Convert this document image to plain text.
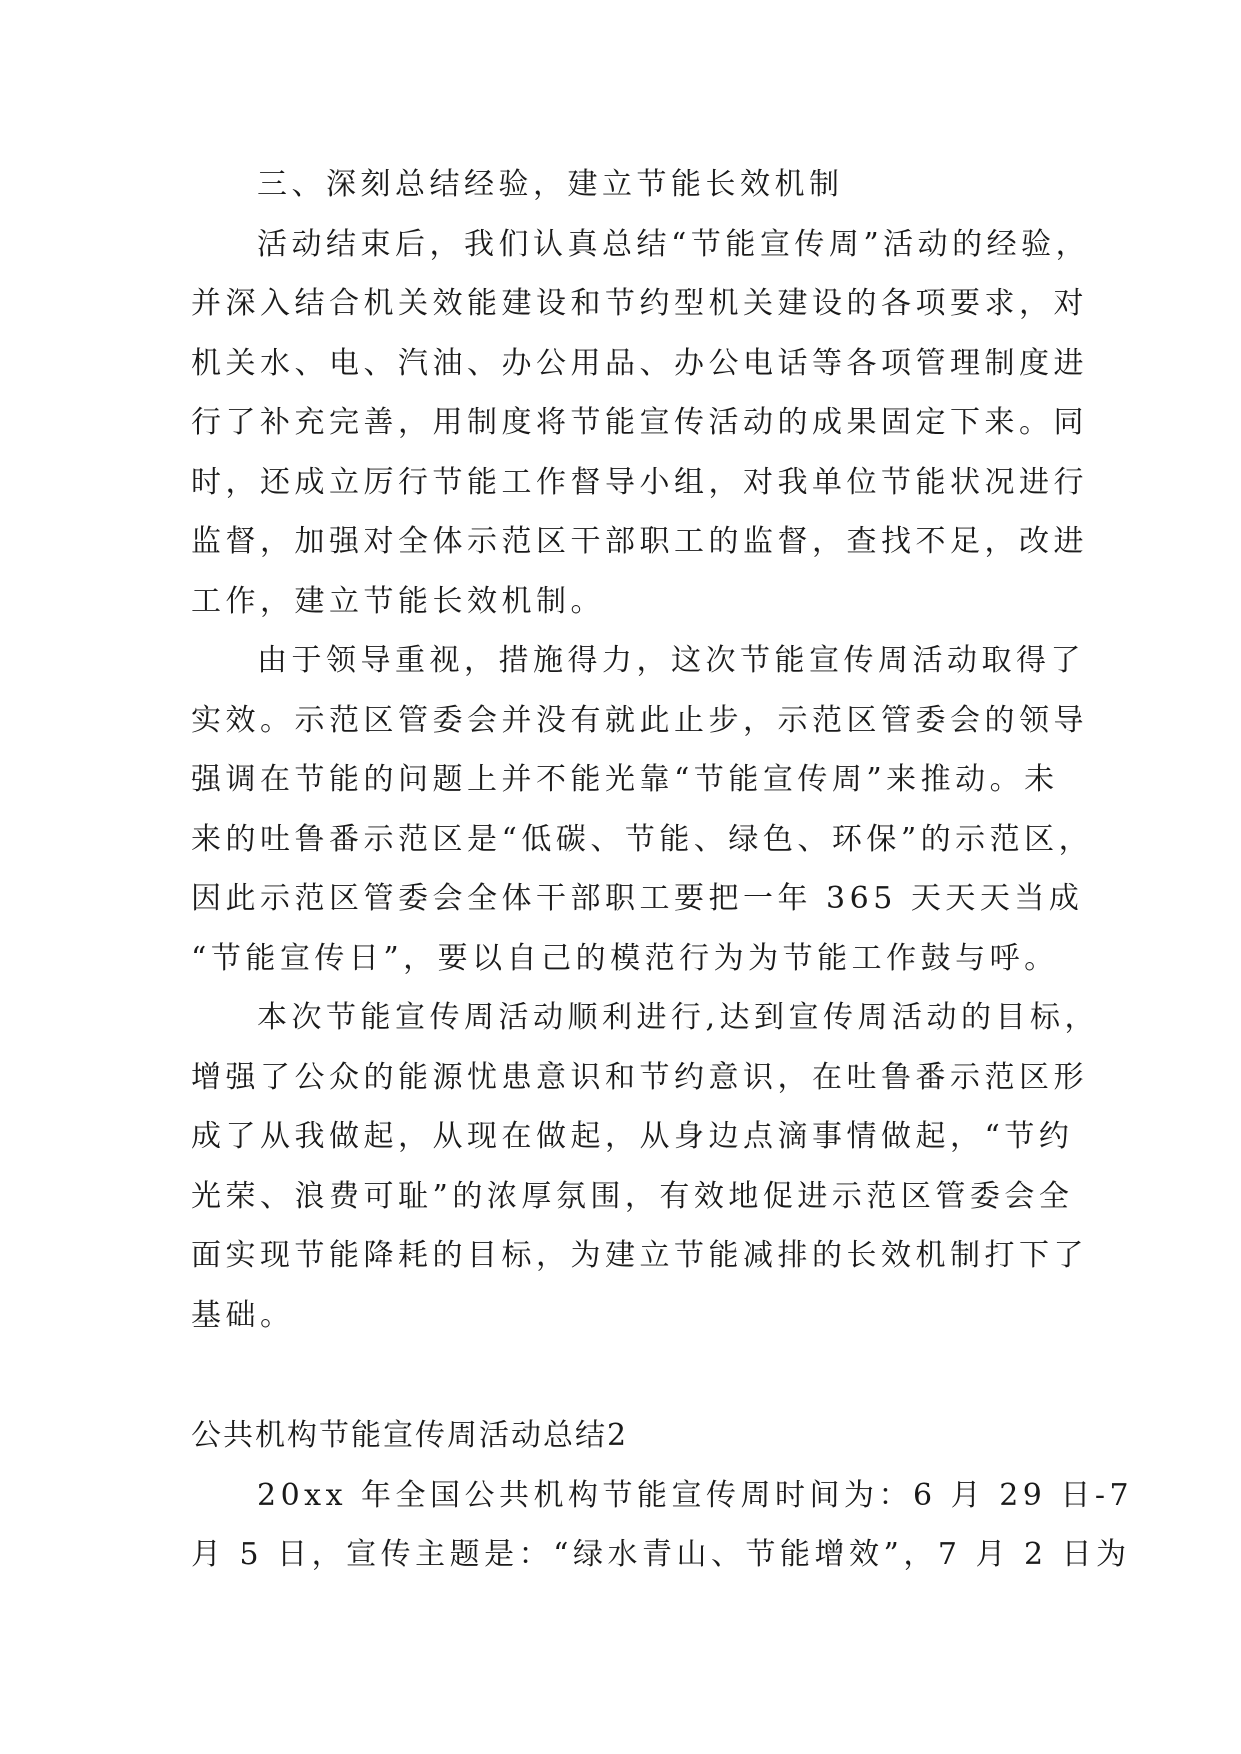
三、深刻总结经验，建立节能长效机制
活动结束后，我们认真总结“节能宣传周”活动的经验，
并深入结合机关效能建设和节约型机关建设的各项要求，对
机关水、电、汽油、办公用品、办公电话等各项管理制度进
行了补充完善，用制度将节能宣传活动的成果固定下来。同
时，还成立厉行节能工作督导小组，对我单位节能状况进行
监督，加强对全体示范区干部职工的监督，查找不足，改进
工作，建立节能长效机制。
由于领导重视，措施得力，这次节能宣传周活动取得了
实效。示范区管委会并没有就此止步，示范区管委会的领导
强调在节能的问题上并不能光靠“节能宣传周”来推动。未
来的吐鲁番示范区是“低碳、节能、绿色、环保”的示范区，
因此示范区管委会全体干部职工要把一年 365 天天天当成
“节能宣传日”，要以自己的模范行为为节能工作鼓与呼。
本次节能宣传周活动顺利进行,达到宣传周活动的目标，
增强了公众的能源忧患意识和节约意识，在吐鲁番示范区形
成了从我做起，从现在做起，从身边点滴事情做起，“节约
光荣、浪费可耻”的浓厚氛围，有效地促进示范区管委会全
面实现节能降耗的目标，为建立节能减排的长效机制打下了
基础。
公共机构节能宣传周活动总结2
20xx 年全国公共机构节能宣传周时间为：6 月 29 日-7
月 5 日，宣传主题是：“绿水青山、节能增效”，7 月 2 日为
